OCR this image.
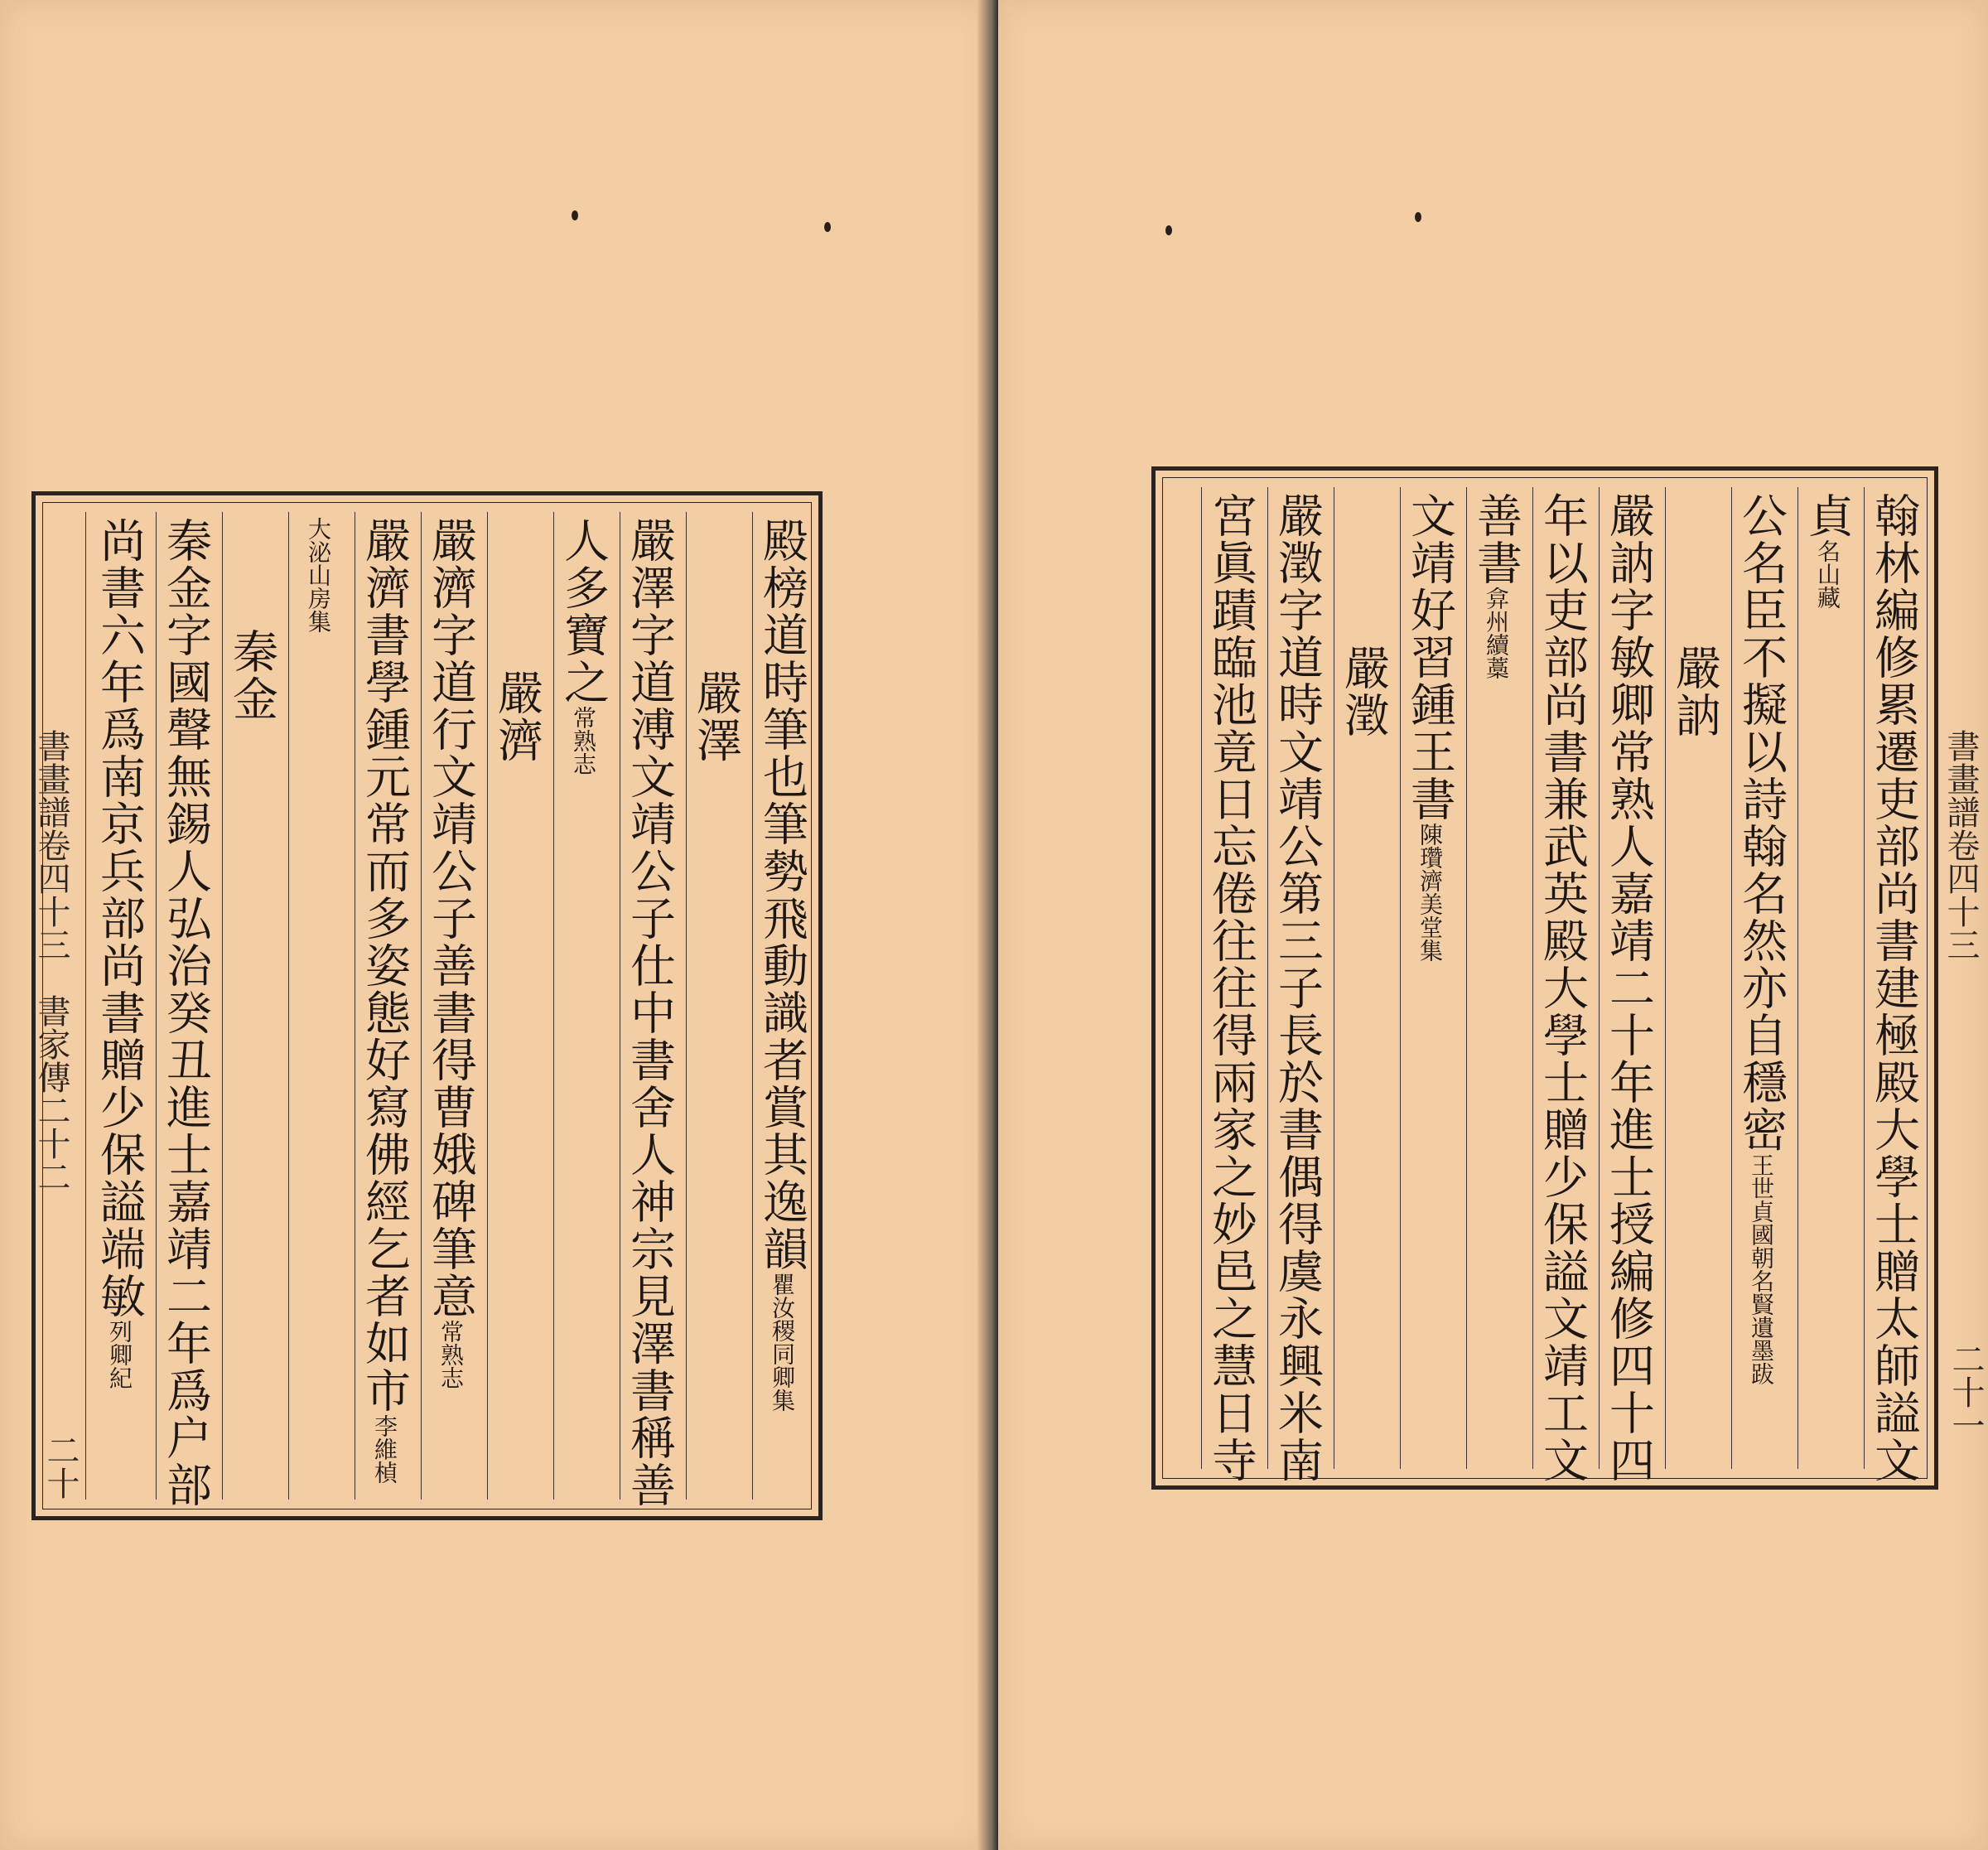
殿榜道時筆也筆勢飛動識者賞其逸韻瞿汝稷同卿集
嚴澤
嚴澤字道溥文靖公子仕中書舍人神宗見澤書稱善
人多寶之常熟志
嚴濟
嚴濟字道行文靖公子善書得曹娥碑筆意常熟志
嚴濟書學鍾元常而多姿態好寫佛經乞者如市李維楨
大泌山房集
秦金
秦金字國聲無錫人弘治癸丑進士嘉靖二年爲户部
尚書六年爲南京兵部尚書贈少保謚端敏列卿紀
書畫譜卷四十三　書家傳二十二
二十	翰林編修累遷吏部尚書建極殿大學士贈太師謚文
貞名山藏
公名臣不擬以詩翰名然亦自穩密王世貞國朝名賢遺墨跋
嚴訥
嚴訥字敏卿常熟人嘉靖二十年進士授編修四十四
年以吏部尚書兼武英殿大學士贈少保謚文靖工文
善書弇州續藁
文靖好習鍾王書陳瓚濟美堂集
嚴澂
嚴澂字道時文靖公第三子長於書偶得虞永興米南
宮眞蹟臨池竟日忘倦往往得兩家之妙邑之慧日寺	書畫譜卷四十三
二十一
